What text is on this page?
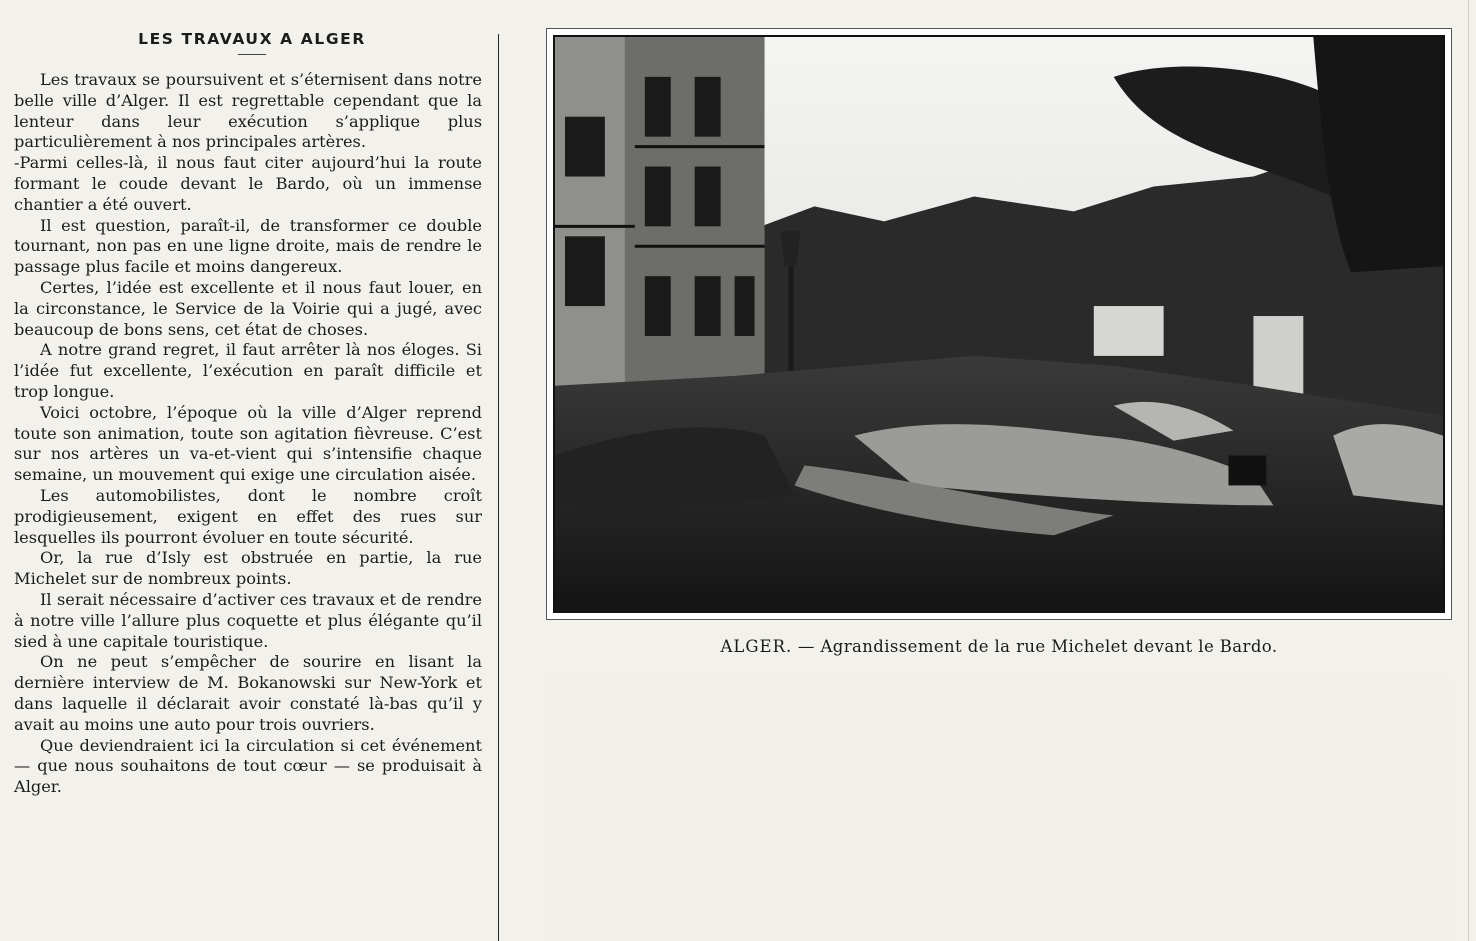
LES TRAVAUX A ALGER

Les travaux se poursuivent et s’éternisent dans notre belle ville d’Alger. Il est regrettable cependant que la lenteur dans leur exécution s’applique plus particulièrement à nos principales artères.

-Parmi celles-là, il nous faut citer aujourd’hui la route formant le coude devant le Bardo, où un immense chantier a été ouvert.

Il est question, paraît-il, de transformer ce double tournant, non pas en une ligne droite, mais de rendre le passage plus facile et moins dangereux.

Certes, l’idée est excellente et il nous faut louer, en la circonstance, le Service de la Voirie qui a jugé, avec beaucoup de bons sens, cet état de choses.

A notre grand regret, il faut arrêter là nos éloges. Si l’idée fut excellente, l’exécution en paraît difficile et trop longue.

Voici octobre, l’époque où la ville d’Alger reprend toute son animation, toute son agitation fièvreuse. C’est sur nos artères un va-et-vient qui s’intensifie chaque semaine, un mouvement qui exige une circulation aisée.

Les automobilistes, dont le nombre croît prodigieusement, exigent en effet des rues sur lesquelles ils pourront évoluer en toute sécurité.

Or, la rue d’Isly est obstruée en partie, la rue Michelet sur de nombreux points.

Il serait nécessaire d’activer ces travaux et de rendre à notre ville l’allure plus coquette et plus élégante qu’il sied à une capitale touristique.

On ne peut s’empêcher de sourire en lisant la dernière interview de M. Bokanowski sur New-York et dans laquelle il déclarait avoir constaté là-bas qu’il y avait au moins une auto pour trois ouvriers.

Que deviendraient ici la circulation si cet événement — que nous souhaitons de tout cœur — se produisait à Alger.

ALGER. — Agrandissement de la rue Michelet devant le Bardo.
